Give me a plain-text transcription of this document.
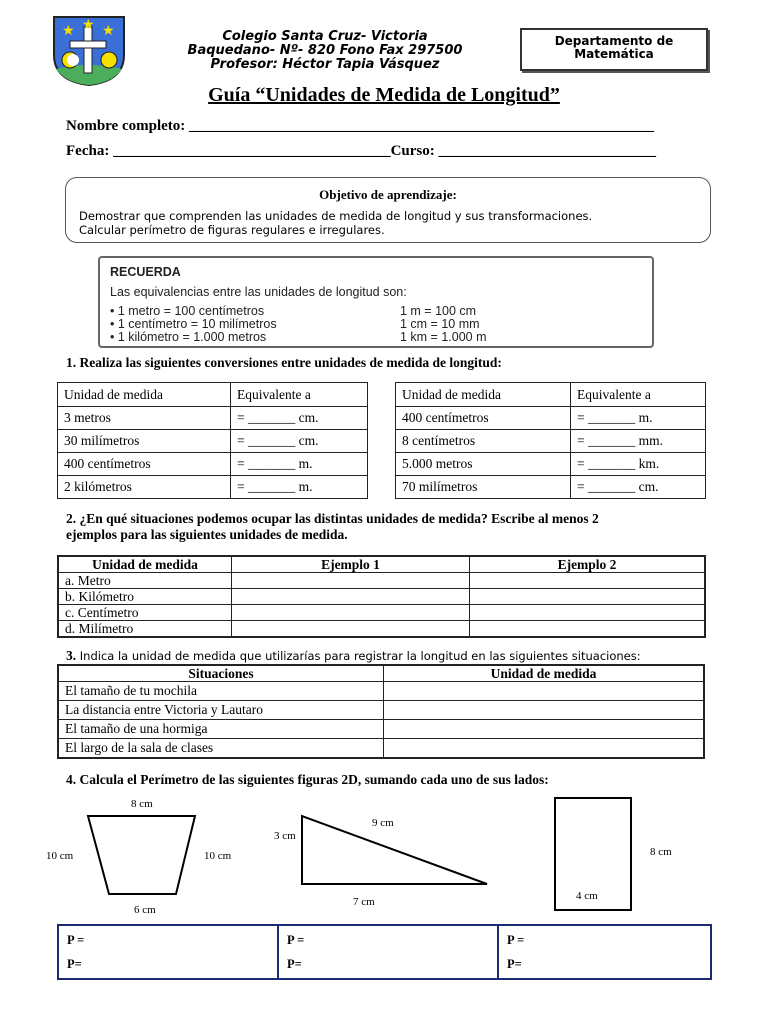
★ ★ ★	Colegio Santa Cruz- Victoria
Baquedano- Nº- 820 Fono Fax 297500
Profesor: Héctor Tapia Vásquez
Departamento de
Matemática
Guía “Unidades de Medida de Longitud”
Nombre completo: ______________________________________________________________
Fecha: _____________________________________Curso: _____________________________
Objetivo de aprendizaje:
Demostrar que comprenden las unidades de medida de longitud y sus transformaciones.
Calcular perímetro de figuras regulares e irregulares.
RECUERDA
Las equivalencias entre las unidades de longitud son:
• 1 metro = 100 centímetros	1 m = 100 cm
• 1 centímetro = 10 milímetros	1 cm = 10 mm
• 1 kilómetro = 1.000 metros	1 km = 1.000 m
1. Realiza las siguientes conversiones entre unidades de medida de longitud:
Unidad de medida	Equivalente a
3 metros	= _______ cm.
30 milímetros	= _______ cm.
400 centímetros	= _______ m.
2 kilómetros	= _______ m.
Unidad de medida	Equivalente a
400 centímetros	= _______ m.
8 centímetros	= _______ mm.
5.000 metros	= _______ km.
70 milímetros	= _______ cm.
2. ¿En qué situaciones podemos ocupar las distintas unidades de medida? Escribe al menos 2
ejemplos para las siguientes unidades de medida.
Unidad de medida	Ejemplo 1	Ejemplo 2
a. Metro		
b. Kilómetro		
c. Centímetro		
d. Milímetro		
3. Indica la unidad de medida que utilizarías para registrar la longitud en las siguientes situaciones:
Situaciones	Unidad de medida
El tamaño de tu mochila	
La distancia entre Victoria y Lautaro	
El tamaño de una hormiga	
El largo de la sala de clases	
4. Calcula el Perímetro de las siguientes figuras 2D, sumando cada uno de sus lados:
8 cm
10 cm	10 cm
6 cm
3 cm
9 cm
7 cm
8 cm
4 cm
P =
P=

P =
P=

P =
P=
